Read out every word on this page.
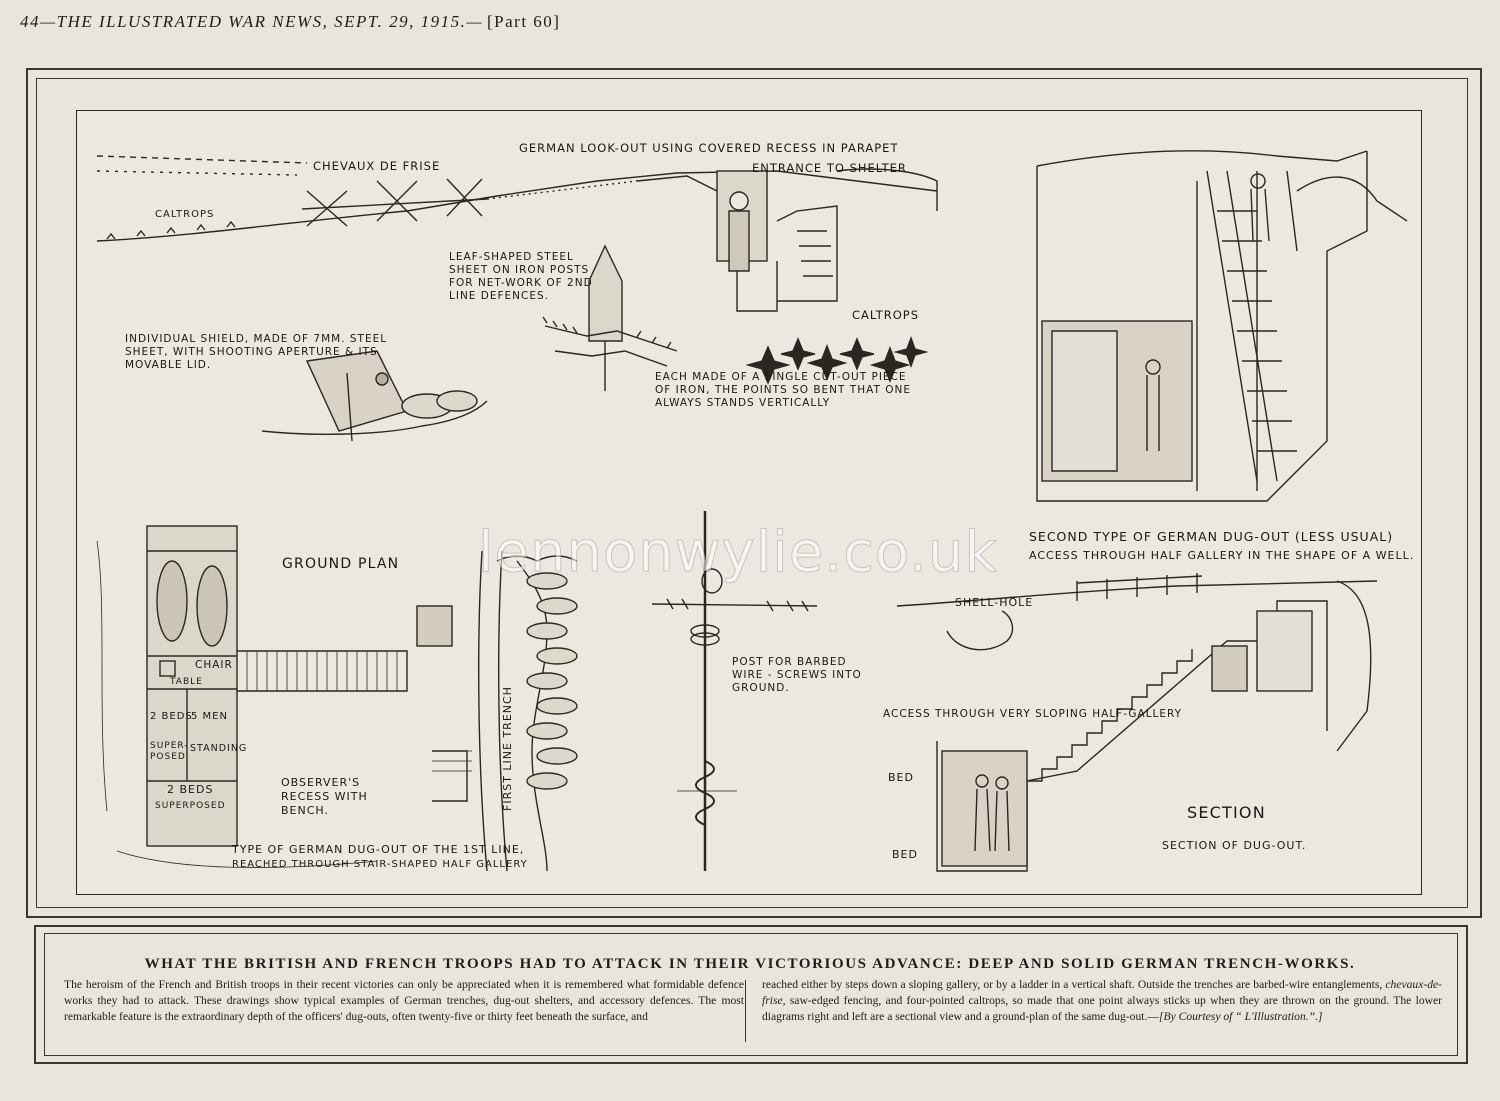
44—THE ILLUSTRATED WAR NEWS, SEPT. 29, 1915.— [Part 60]
CHEVAUX DE FRISE
CALTROPS
GERMAN LOOK-OUT USING COVERED RECESS IN PARAPET
ENTRANCE TO SHELTER
LEAF-SHAPED STEEL SHEET ON IRON POSTS FOR NET-WORK OF 2ND LINE DEFENCES.
INDIVIDUAL SHIELD, MADE OF 7MM. STEEL SHEET, WITH SHOOTING APERTURE & ITS MOVABLE LID.
CALTROPS
EACH MADE OF A SINGLE CUT-OUT PIECE OF IRON, THE POINTS SO BENT THAT ONE ALWAYS STANDS VERTICALLY
SECOND TYPE OF GERMAN DUG-OUT (LESS USUAL)
ACCESS THROUGH HALF GALLERY IN THE SHAPE OF A WELL.
GROUND PLAN
CHAIR
TABLE
2 BEDS
5 MEN
SUPER-POSED
STANDING
2 BEDS
SUPERPOSED
OBSERVER'S RECESS WITH BENCH.	FIRST LINE TRENCH
POST FOR BARBED WIRE - SCREWS INTO GROUND.
SHELL-HOLE
ACCESS THROUGH VERY SLOPING HALF-GALLERY
BED
BED
SECTION
SECTION OF DUG-OUT.
TYPE OF GERMAN DUG-OUT OF THE 1ST LINE,
REACHED THROUGH STAIR-SHAPED HALF GALLERY
lennonwylie.co.uk
WHAT THE BRITISH AND FRENCH TROOPS HAD TO ATTACK IN THEIR VICTORIOUS ADVANCE: DEEP AND SOLID GERMAN TRENCH-WORKS.
The heroism of the French and British troops in their recent victories can only be appreciated when it is remembered what formidable defence works they had to attack. These drawings show typical examples of German trenches, dug-out shelters, and accessory defences. The most remarkable feature is the extraordinary depth of the officers' dug-outs, often twenty-five or thirty feet beneath the surface, and
reached either by steps down a sloping gallery, or by a ladder in a vertical shaft. Outside the trenches are barbed-wire entanglements, chevaux-de-frise, saw-edged fencing, and four-pointed caltrops, so made that one point always sticks up when they are thrown on the ground. The lower diagrams right and left are a sectional view and a ground-plan of the same dug-out.—[By Courtesy of “ L'Illustration.”.]
